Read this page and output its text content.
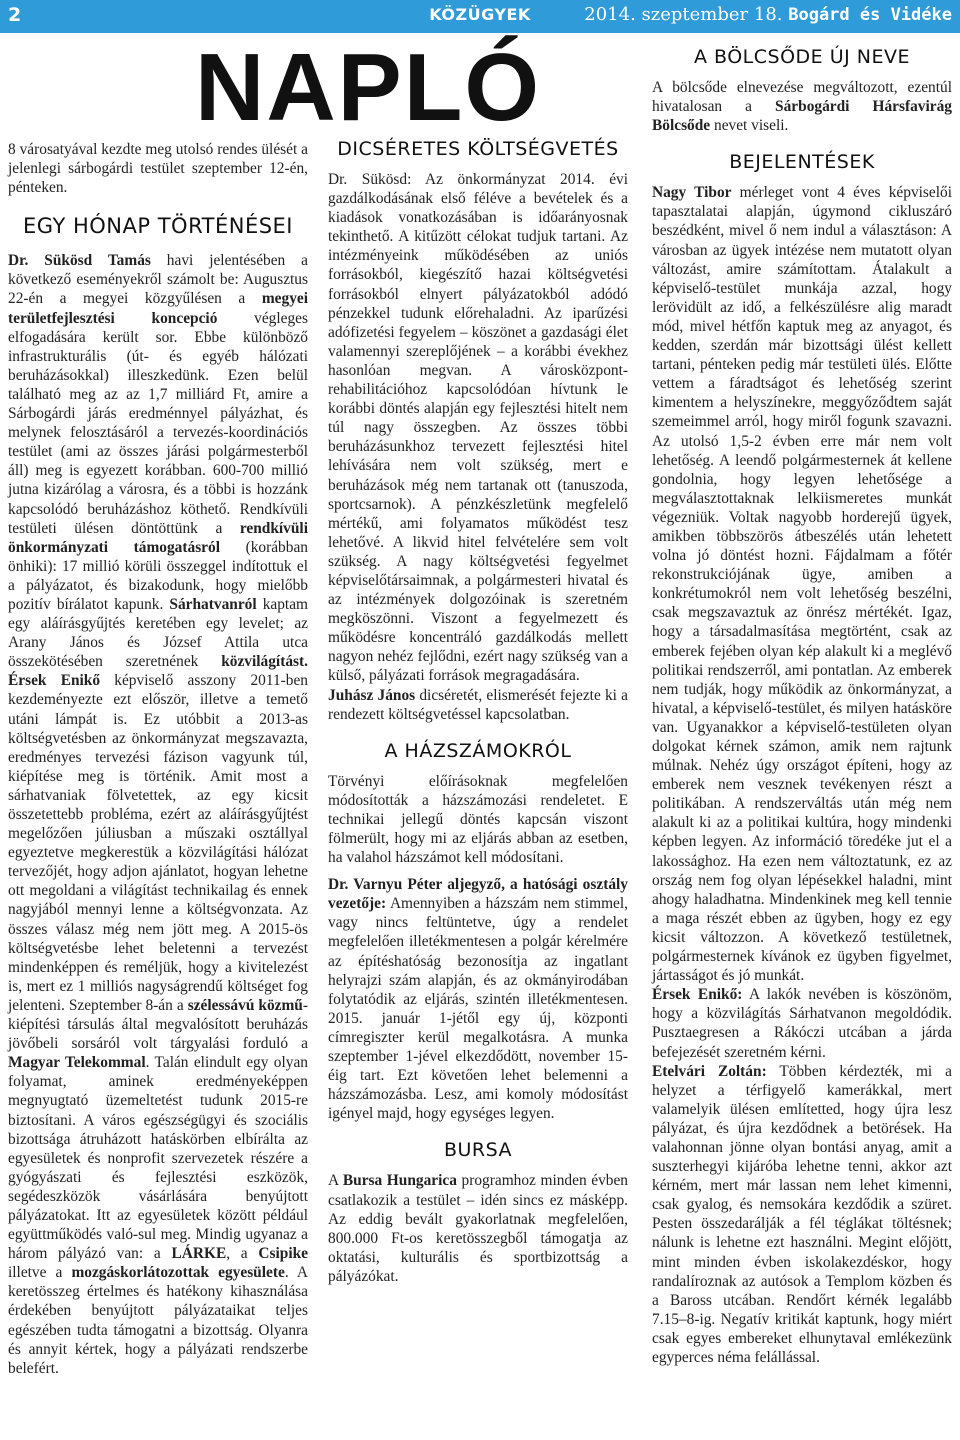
2	KÖZÜGYEK	2014. szeptember 18. Bogárd és Vidéke
NAPLÓ

8 városatyával kezdte meg utolsó rendes ülését a jelenlegi sárbogárdi testület szeptember 12-én, pénteken.

EGY HÓNAP TÖRTÉNÉSEI

Dr. Sükösd Tamás havi jelentésében a következő eseményekről számolt be: Augusztus 22-én a megyei közgyűlésen a megyei területfejlesztési koncepció végleges elfogadására került sor. Ebbe különböző infrastrukturális (út- és egyéb hálózati beruházásokkal) illeszkedünk. Ezen belül található meg az az 1,7 milliárd Ft, amire a Sárbogárdi járás eredménnyel pályázhat, és melynek felosztásáról a tervezés-koordinációs testület (ami az összes járási polgármesterből áll) meg is egyezett korábban. 600-700 millió jutna kizárólag a városra, és a többi is hozzánk kapcsolódó beruházáshoz köthető. Rendkívüli testületi ülésen döntöttünk a rendkívüli önkormányzati támogatásról (korábban önhiki): 17 millió körüli összeggel indítottuk el a pályázatot, és bizakodunk, hogy mielőbb pozitív bírálatot kapunk. Sárhatvanról kaptam egy aláírásgyűjtés keretében egy levelet; az Arany János és József Attila utca összekötésében szeretnének közvilágítást. Érsek Enikő képviselő asszony 2011-ben kezdeményezte ezt először, illetve a temető utáni lámpát is. Ez utóbbit a 2013-as költségvetésben az önkormányzat megszavazta, eredményes tervezési fázison vagyunk túl, kiépítése meg is történik. Amit most a sárhatvaniak fölvetettek, az egy kicsit összetettebb probléma, ezért az aláírásgyűjtést megelőzően júliusban a műszaki osztállyal egyeztetve megkerestük a közvilágítási hálózat tervezőjét, hogy adjon ajánlatot, hogyan lehetne ott megoldani a világítást technikailag és ennek nagyjából mennyi lenne a költségvonzata. Az összes válasz még nem jött meg. A 2015-ös költségvetésbe lehet beletenni a tervezést mindenképpen és reméljük, hogy a kivitelezést is, mert ez 1 milliós nagyságrendű költséget fog jelenteni. Szeptember 8-án a szélessávú közmű-kiépítési társulás által megvalósított beruházás jövőbeli sorsáról volt tárgyalási forduló a Magyar Telekommal. Talán elindult egy olyan folyamat, aminek eredményeképpen megnyugtató üzemeltetést tudunk 2015-re biztosítani. A város egészségügyi és szociális bizottsága átruházott hatáskörben elbírálta az egyesületek és nonprofit szervezetek részére a gyógyászati és fejlesztési eszközök, segédeszközök vásárlására benyújtott pályázatokat. Itt az egyesületek között például együttműködés való-sul meg. Mindig ugyanaz a három pályázó van: a LÁRKE, a Csipike illetve a mozgáskorlátozottak egyesülete. A keretösszeg értelmes és hatékony kihasználása érdekében benyújtott pályázataikat teljes egészében tudta támogatni a bizottság. Olyanra és annyit kértek, hogy a pályázati rendszerbe belefért.

DICSÉRETES KÖLTSÉGVETÉS

Dr. Sükösd: Az önkormányzat 2014. évi gazdálkodásának első féléve a bevételek és a kiadások vonatkozásában is időarányosnak tekinthető. A kitűzött célokat tudjuk tartani. Az intézményeink működésében az uniós forrásokból, kiegészítő hazai költségvetési forrásokból elnyert pályázatokból adódó pénzekkel tudunk előrehaladni. Az iparűzési adófizetési fegyelem – köszönet a gazdasági élet valamennyi szereplőjének – a korábbi évekhez hasonlóan megvan. A városközpont-rehabilitációhoz kapcsolódóan hívtunk le korábbi döntés alapján egy fejlesztési hitelt nem túl nagy összegben. Az összes többi beruházásunkhoz tervezett fejlesztési hitel lehívására nem volt szükség, mert e beruházások még nem tartanak ott (tanuszoda, sportcsarnok). A pénzkészletünk megfelelő mértékű, ami folyamatos működést tesz lehetővé. A likvid hitel felvételére sem volt szükség. A nagy költségvetési fegyelmet képviselőtársaimnak, a polgármesteri hivatal és az intézmények dolgozóinak is szeretném megköszönni. Viszont a fegyelmezett és működésre koncentráló gazdálkodás mellett nagyon nehéz fejlődni, ezért nagy szükség van a külső, pályázati források megragadására.

Juhász János dicséretét, elismerését fejezte ki a rendezett költségvetéssel kapcsolatban.

A HÁZSZÁMOKRÓL

Törvényi előírásoknak megfelelően módosították a házszámozási rendeletet. E technikai jellegű döntés kapcsán viszont fölmerült, hogy mi az eljárás abban az esetben, ha valahol házszámot kell módosítani.

Dr. Varnyu Péter aljegyző, a hatósági osztály vezetője: Amennyiben a házszám nem stimmel, vagy nincs feltüntetve, úgy a rendelet megfelelően illetékmentesen a polgár kérelmére az építéshatóság bezonosítja az ingatlant helyrajzi szám alapján, és az okmányirodában folytatódik az eljárás, szintén illetékmentesen. 2015. január 1-jétől egy új, központi címregiszter kerül megalkotásra. A munka szeptember 1-jével elkezdődött, november 15-éig tart. Ezt követően lehet belemenni a házszámozásba. Lesz, ami komoly módosítást igényel majd, hogy egységes legyen.

BURSA

A Bursa Hungarica programhoz minden évben csatlakozik a testület – idén sincs ez másképp. Az eddig bevált gyakorlatnak megfelelően, 800.000 Ft-os keretösszegből támogatja az oktatási, kulturális és sportbizottság a pályázókat.

A BÖLCSŐDE ÚJ NEVE

A bölcsőde elnevezése megváltozott, ezentúl hivatalosan a Sárbogárdi Hársfavirág Bölcsőde nevet viseli.

BEJELENTÉSEK

Nagy Tibor mérleget vont 4 éves képviselői tapasztalatai alapján, úgymond cikluszáró beszédként, mivel ő nem indul a választáson: A városban az ügyek intézése nem mutatott olyan változást, amire számítottam. Átalakult a képviselő-testület munkája azzal, hogy lerövidült az idő, a felkészülésre alig maradt mód, mivel hétfőn kaptuk meg az anyagot, és kedden, szerdán már bizottsági ülést kellett tartani, pénteken pedig már testületi ülés. Előtte vettem a fáradtságot és lehetőség szerint kimentem a helyszínekre, meggyőződtem saját szemeimmel arról, hogy miről fogunk szavazni. Az utolsó 1,5-2 évben erre már nem volt lehetőség. A leendő polgármesternek át kellene gondolnia, hogy legyen lehetősége a megválasztottaknak lelkiismeretes munkát végezniük. Voltak nagyobb horderejű ügyek, amikben többszörös átbeszélés után lehetett volna jó döntést hozni. Fájdalmam a főtér rekonstrukciójának ügye, amiben a konkrétumokról nem volt lehetőség beszélni, csak megszavaztuk az önrész mértékét. Igaz, hogy a társadalmasítása megtörtént, csak az emberek fejében olyan kép alakult ki a meglévő politikai rendszerről, ami pontatlan. Az emberek nem tudják, hogy működik az önkormányzat, a hivatal, a képviselő-testület, és milyen hatásköre van. Ugyanakkor a képviselő-testületen olyan dolgokat kérnek számon, amik nem rajtunk múlnak. Nehéz úgy országot építeni, hogy az emberek nem vesznek tevékenyen részt a politikában. A rendszerváltás után még nem alakult ki az a politikai kultúra, hogy mindenki képben legyen. Az információ töredéke jut el a lakossághoz. Ha ezen nem változtatunk, ez az ország nem fog olyan lépésekkel haladni, mint ahogy haladhatna. Mindenkinek meg kell tennie a maga részét ebben az ügyben, hogy ez egy kicsit változzon. A következő testületnek, polgármesternek kívánok ez ügyben figyelmet, jártasságot és jó munkát.

Érsek Enikő: A lakók nevében is köszönöm, hogy a közvilágítás Sárhatvanon megoldódik. Pusztaegresen a Rákóczi utcában a járda befejezését szeretném kérni.

Etelvári Zoltán: Többen kérdezték, mi a helyzet a térfigyelő kamerákkal, mert valamelyik ülésen említetted, hogy újra lesz pályázat, és újra kezdődnek a betörések. Ha valahonnan jönne olyan bontási anyag, amit a suszterhegyi kijáróba lehetne tenni, akkor azt kérném, mert már lassan nem lehet kimenni, csak gyalog, és nemsokára kezdődik a szüret. Pesten összedarálják a fél téglákat töltésnek; nálunk is lehetne ezt használni. Megint előjött, mint minden évben iskolakezdéskor, hogy randalíroznak az autósok a Templom közben és a Baross utcában. Rendőrt kérnék legalább 7.15–8-ig. Negatív kritikát kaptunk, hogy miért csak egyes embereket elhunytaval emlékezünk egyperces néma felállással.
